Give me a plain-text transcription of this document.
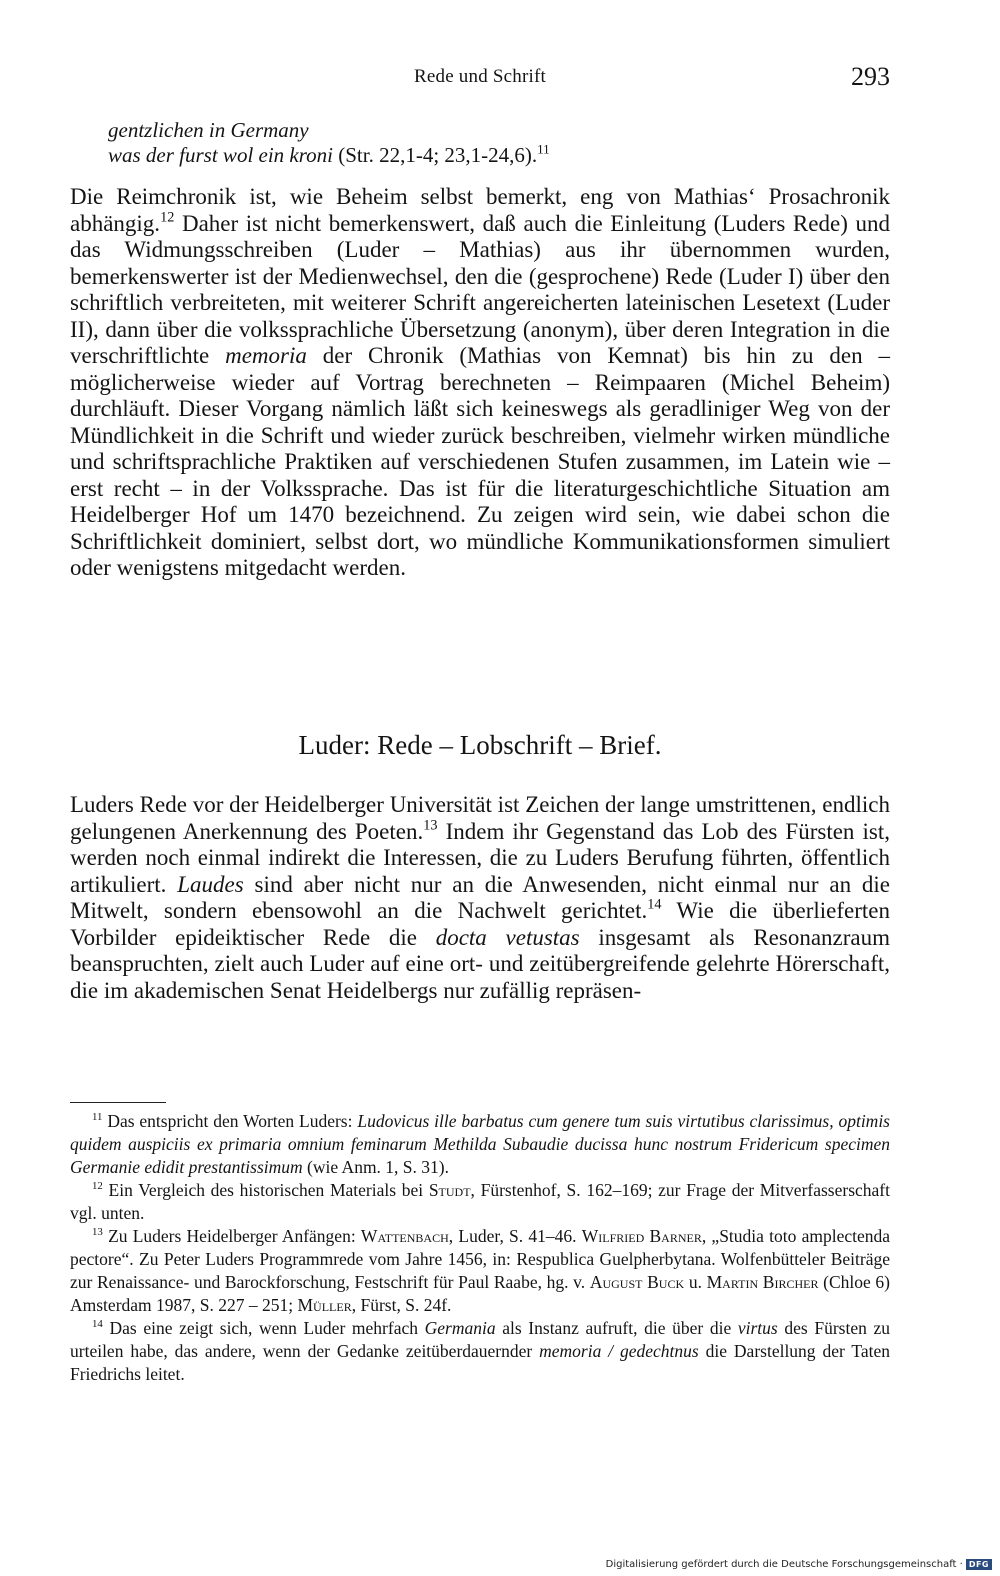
Rede und Schrift	293
gentzlichen in Germany
was der furst wol ein kroni (Str. 22,1-4; 23,1-24,6).$^{11}$
Die Reimchronik ist, wie Beheim selbst bemerkt, eng von Mathias‘ Prosachronik abhängig.$^{12}$ Daher ist nicht bemerkenswert, daß auch die Einleitung (Luders Rede) und das Widmungsschreiben (Luder – Mathias) aus ihr übernommen wurden, bemerkenswerter ist der Medienwechsel, den die (gesprochene) Rede (Luder I) über den schriftlich verbreiteten, mit weiterer Schrift angereicherten lateinischen Lesetext (Luder II), dann über die volkssprachliche Übersetzung (anonym), über deren Integration in die verschriftlichte memoria der Chronik (Mathias von Kemnat) bis hin zu den – möglicherweise wieder auf Vortrag berechneten – Reimpaaren (Michel Beheim) durchläuft. Dieser Vorgang nämlich läßt sich keineswegs als geradliniger Weg von der Mündlichkeit in die Schrift und wieder zurück beschreiben, vielmehr wirken mündliche und schriftsprachliche Praktiken auf verschiedenen Stufen zusammen, im Latein wie – erst recht – in der Volkssprache. Das ist für die literaturgeschichtliche Situation am Heidelberger Hof um 1470 bezeichnend. Zu zeigen wird sein, wie dabei schon die Schriftlichkeit dominiert, selbst dort, wo mündliche Kommunikationsformen simuliert oder wenigstens mitgedacht werden.
Luder: Rede – Lobschrift – Brief.
Luders Rede vor der Heidelberger Universität ist Zeichen der lange umstrittenen, endlich gelungenen Anerkennung des Poeten.$^{13}$ Indem ihr Gegenstand das Lob des Fürsten ist, werden noch einmal indirekt die Interessen, die zu Luders Berufung führten, öffentlich artikuliert. Laudes sind aber nicht nur an die Anwesenden, nicht einmal nur an die Mitwelt, sondern ebensowohl an die Nachwelt gerichtet.$^{14}$ Wie die überlieferten Vorbilder epideiktischer Rede die docta vetustas insgesamt als Resonanzraum beanspruchten, zielt auch Luder auf eine ort- und zeitübergreifende gelehrte Hörerschaft, die im akademischen Senat Heidelbergs nur zufällig repräsen-

$^{11}$ Das entspricht den Worten Luders: Ludovicus ille barbatus cum genere tum suis virtutibus clarissimus, optimis quidem auspiciis ex primaria omnium feminarum Methilda Subaudie ducissa hunc nostrum Fridericum specimen Germanie edidit prestantissimum (wie Anm. 1, S. 31).

$^{12}$ Ein Vergleich des historischen Materials bei Studt, Fürstenhof, S. 162–169; zur Frage der Mitverfasserschaft vgl. unten.

$^{13}$ Zu Luders Heidelberger Anfängen: Wattenbach, Luder, S. 41–46. Wilfried Barner, „Studia toto amplectenda pectore“. Zu Peter Luders Programmrede vom Jahre 1456, in: Respublica Guelpherbytana. Wolfenbütteler Beiträge zur Renaissance- und Barockforschung, Festschrift für Paul Raabe, hg. v. August Buck u. Martin Bircher (Chloe 6) Amsterdam 1987, S. 227 – 251; Müller, Fürst, S. 24f.

$^{14}$ Das eine zeigt sich, wenn Luder mehrfach Germania als Instanz aufruft, die über die virtus des Fürsten zu urteilen habe, das andere, wenn der Gedanke zeitüberdauernder memoria / gedechtnus die Darstellung der Taten Friedrichs leitet.

Digitalisierung gefördert durch die Deutsche Forschungsgemeinschaft · DFG
